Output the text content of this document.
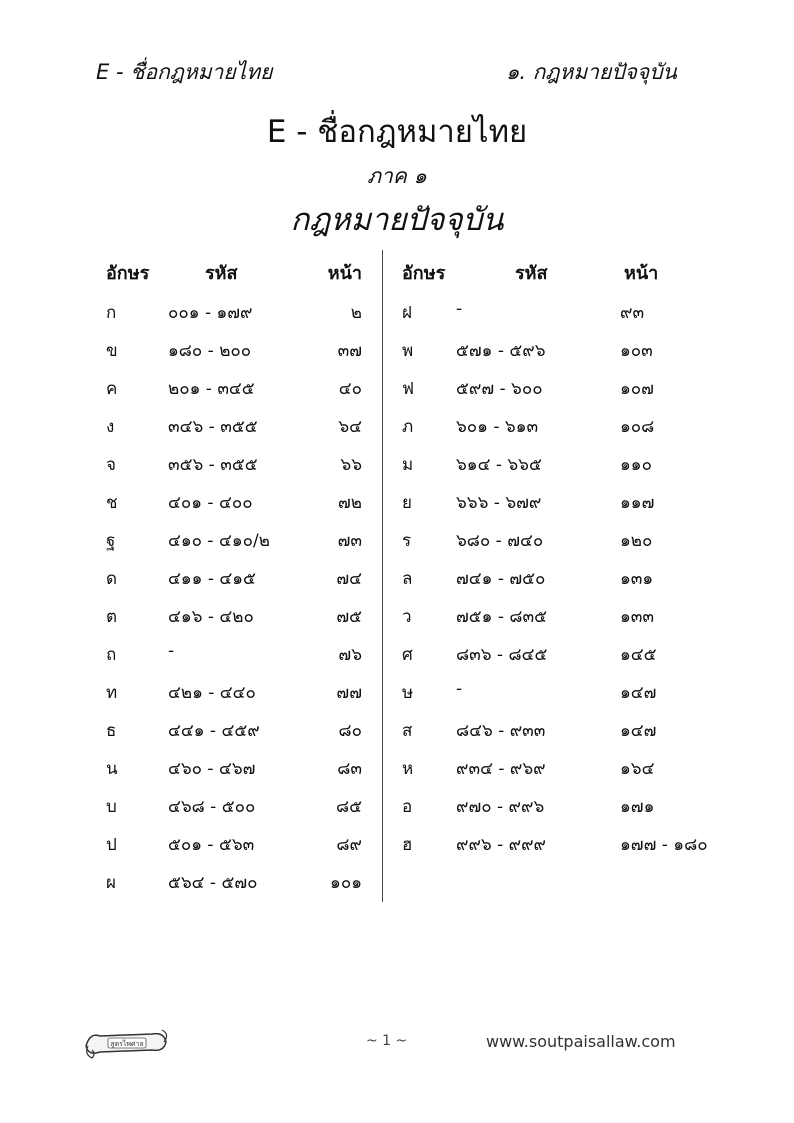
E - ชื่อกฎหมายไทย	๑. กฎหมายปัจจุบัน
E - ชื่อกฎหมายไทย
ภาค ๑
กฎหมายปัจจุบัน
อักษร	รหัส	หน้า
ก	๐๐๑ - ๑๗๙	๒
ข	๑๘๐ - ๒๐๐	๓๗
ค	๒๐๑ - ๓๔๕	๔๐
ง	๓๔๖ - ๓๕๕	๖๔
จ	๓๕๖ - ๓๕๕	๖๖
ช	๔๐๑ - ๔๐๐	๗๒
ฐ	๔๑๐ - ๔๑๐/๒	๗๓
ด	๔๑๑ - ๔๑๕	๗๔
ต	๔๑๖ - ๔๒๐	๗๕
ถ	-	๗๖
ท	๔๒๑ - ๔๔๐	๗๗
ธ	๔๔๑ - ๔๕๙	๘๐
น	๔๖๐ - ๔๖๗	๘๓
บ	๔๖๘ - ๕๐๐	๘๕
ป	๕๐๑ - ๕๖๓	๘๙
ผ	๕๖๔ - ๕๗๐	๑๐๑
อักษร	รหัส	หน้า
ฝ	-	๙๓
พ	๕๗๑ - ๕๙๖	๑๐๓
ฟ ๕๙๗ - ๖๐๐	๑๐๗
ภ	๖๐๑ - ๖๑๓	๑๐๘
ม	๖๑๔ - ๖๖๕	๑๑๐
ย	๖๖๖ - ๖๗๙	๑๑๗
ร	๖๘๐ - ๗๔๐	๑๒๐
ล	๗๔๑ - ๗๕๐	๑๓๑
ว	๗๕๑ - ๘๓๕	๑๓๓
ศ	๘๓๖ - ๘๔๕	๑๔๕
ษ	-	๑๔๗
ส	๘๔๖ - ๙๓๓	๑๔๗
ห	๙๓๔ - ๙๖๙	๑๖๔
อ	๙๗๐ - ๙๙๖	๑๗๑
ฮ	๙๙๖ - ๙๙๙	๑๗๗ - ๑๘๐
สูตรไพศาล	~ 1 ~	www.soutpaisallaw.com
